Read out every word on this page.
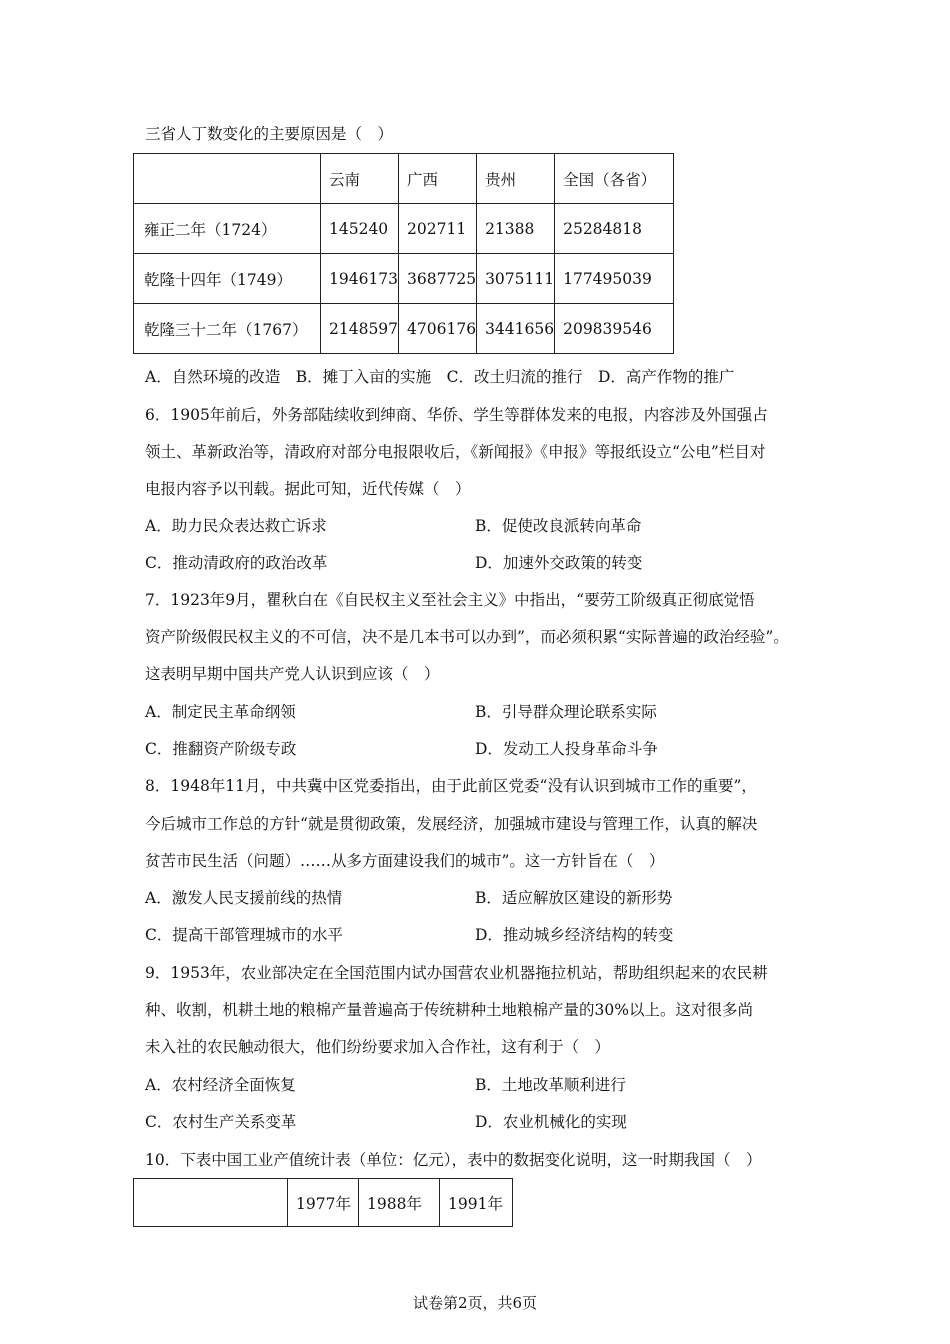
三省人丁数变化的主要原因是（　）
	云南	广西	贵州	全国（各省）
雍正二年（1724）	145240	202711	21388	25284818
乾隆十四年（1749）	1946173	3687725	3075111	177495039
乾隆三十二年（1767）	2148597	4706176	3441656	209839546
A．自然环境的改造　B．摊丁入亩的实施　C．改土归流的推行　D．高产作物的推广
6．1905年前后，外务部陆续收到绅商、华侨、学生等群体发来的电报，内容涉及外国强占
领土、革新政治等，清政府对部分电报限收后，《新闻报》《申报》等报纸设立“公电”栏目对
电报内容予以刊载。据此可知，近代传媒（　）
A．助力民众表达救亡诉求	B．促使改良派转向革命
C．推动清政府的政治改革	D．加速外交政策的转变
7．1923年9月，瞿秋白在《自民权主义至社会主义》中指出，“要劳工阶级真正彻底觉悟
资产阶级假民权主义的不可信，决不是几本书可以办到”，而必须积累“实际普遍的政治经验”。
这表明早期中国共产党人认识到应该（　）
A．制定民主革命纲领	B．引导群众理论联系实际
C．推翻资产阶级专政	D．发动工人投身革命斗争
8．1948年11月，中共冀中区党委指出，由于此前区党委“没有认识到城市工作的重要”，
今后城市工作总的方针“就是贯彻政策，发展经济，加强城市建设与管理工作，认真的解决
贫苦市民生活（问题）……从多方面建设我们的城市”。这一方针旨在（　）
A．激发人民支援前线的热情	B．适应解放区建设的新形势
C．提高干部管理城市的水平	D．推动城乡经济结构的转变
9．1953年，农业部决定在全国范围内试办国营农业机器拖拉机站，帮助组织起来的农民耕
种、收割，机耕土地的粮棉产量普遍高于传统耕种土地粮棉产量的30%以上。这对很多尚
未入社的农民触动很大，他们纷纷要求加入合作社，这有利于（　）
A．农村经济全面恢复	B．土地改革顺利进行
C．农村生产关系变革	D．农业机械化的实现
10．下表中国工业产值统计表（单位：亿元），表中的数据变化说明，这一时期我国（　）
	1977年	1988年	1991年
试卷第2页，共6页
